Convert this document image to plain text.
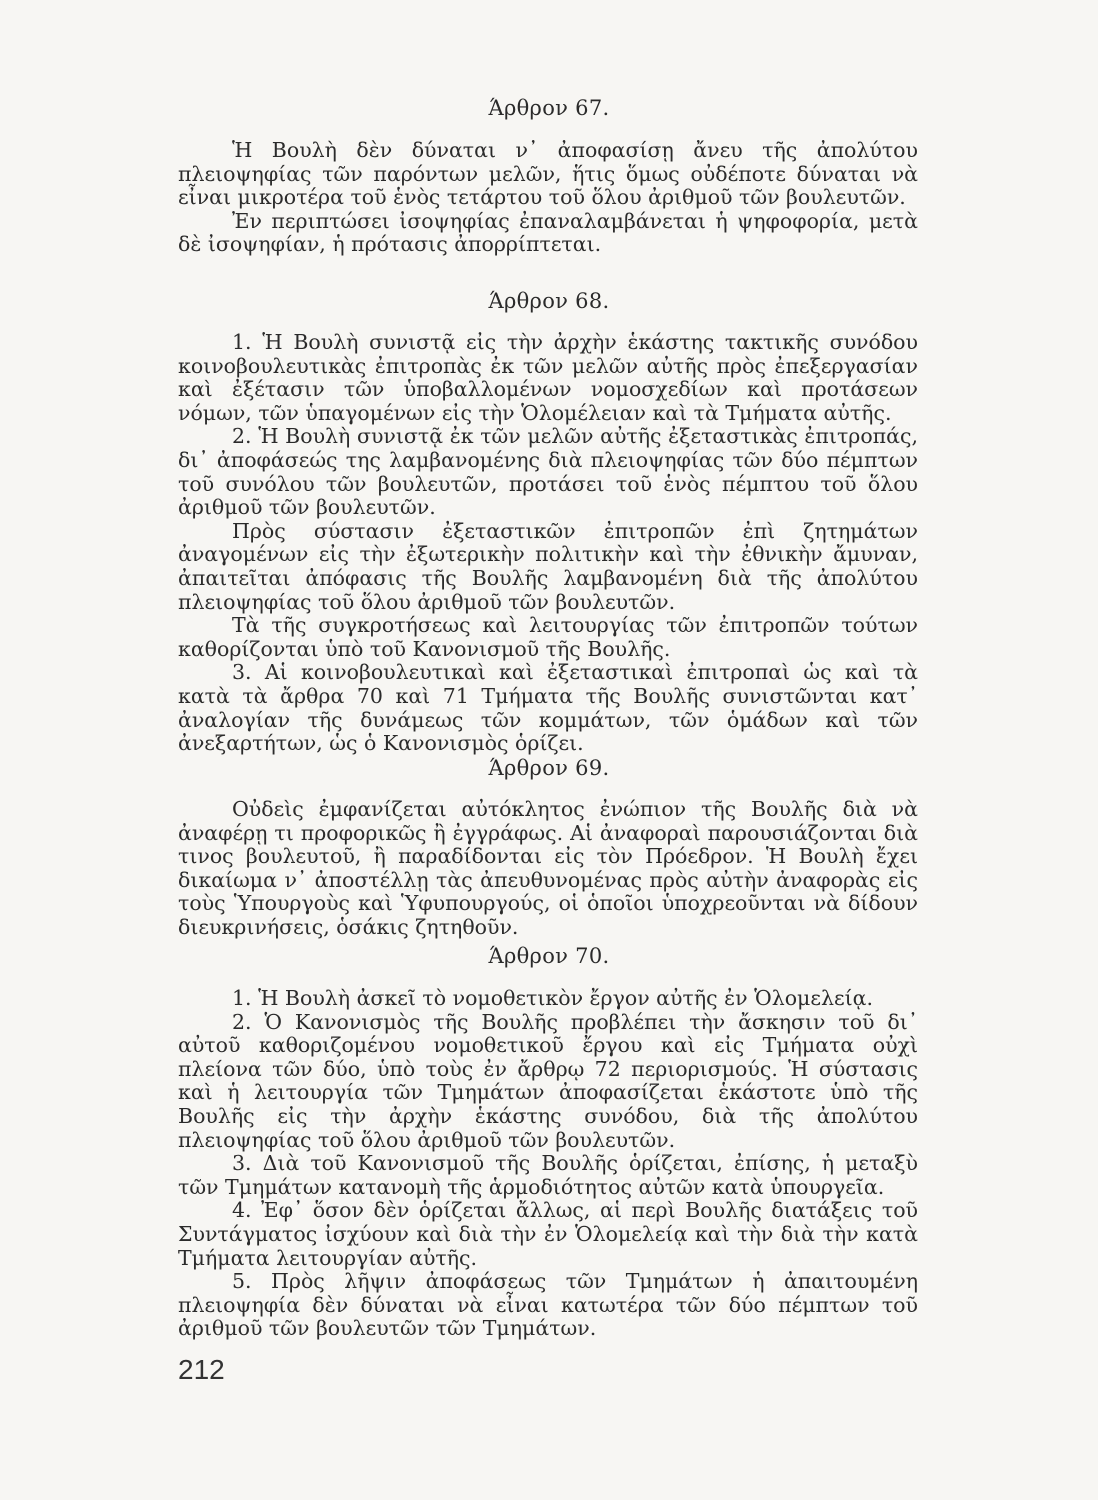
Άρθρον 67.

Ἡ Βουλὴ δὲν δύναται ν᾽ ἀποφασίσῃ ἄνευ τῆς ἀπολύτου πλειοψηφίας τῶν παρόντων μελῶν, ἥτις ὅμως οὐδέποτε δύναται νὰ εἶναι μικροτέρα τοῦ ἑνὸς τετάρτου τοῦ ὅλου ἀριθμοῦ τῶν βουλευτῶν.

Ἐν περιπτώσει ἰσοψηφίας ἐπαναλαμβάνεται ἡ ψηφοφορία, μετὰ δὲ ἰσοψηφίαν, ἡ πρότασις ἀπορρίπτεται.

Άρθρον 68.

1. Ἡ Βουλὴ συνιστᾷ εἰς τὴν ἀρχὴν ἑκάστης τακτικῆς συνόδου κοινοβουλευτικὰς ἐπιτροπὰς ἐκ τῶν μελῶν αὐτῆς πρὸς ἐπεξεργασίαν καὶ ἐξέτασιν τῶν ὑποβαλλομένων νομοσχεδίων καὶ προτάσεων νόμων, τῶν ὑπαγομένων εἰς τὴν Ὁλομέλειαν καὶ τὰ Τμήματα αὐτῆς.

2. Ἡ Βουλὴ συνιστᾷ ἐκ τῶν μελῶν αὐτῆς ἐξεταστικὰς ἐπιτροπάς, δι᾽ ἀποφάσεώς της λαμβανομένης διὰ πλειοψηφίας τῶν δύο πέμπτων τοῦ συνόλου τῶν βουλευτῶν, προτάσει τοῦ ἑνὸς πέμπτου τοῦ ὅλου ἀριθμοῦ τῶν βουλευτῶν.

Πρὸς σύστασιν ἐξεταστικῶν ἐπιτροπῶν ἐπὶ ζητημάτων ἀναγομένων εἰς τὴν ἐξωτερικὴν πολιτικὴν καὶ τὴν ἐθνικὴν ἄμυναν, ἀπαιτεῖται ἀπόφασις τῆς Βουλῆς λαμβανομένη διὰ τῆς ἀπολύτου πλειοψηφίας τοῦ ὅλου ἀριθμοῦ τῶν βουλευτῶν.

Τὰ τῆς συγκροτήσεως καὶ λειτουργίας τῶν ἐπιτροπῶν τούτων καθορίζονται ὑπὸ τοῦ Κανονισμοῦ τῆς Βουλῆς.

3. Αἱ κοινοβουλευτικαὶ καὶ ἐξεταστικαὶ ἐπιτροπαὶ ὡς καὶ τὰ κατὰ τὰ ἄρθρα 70 καὶ 71 Τμήματα τῆς Βουλῆς συνιστῶνται κατ᾽ ἀναλογίαν τῆς δυνάμεως τῶν κομμάτων, τῶν ὁμάδων καὶ τῶν ἀνεξαρτήτων, ὡς ὁ Κανονισμὸς ὁρίζει.

Άρθρον 69.

Οὐδεὶς ἐμφανίζεται αὐτόκλητος ἐνώπιον τῆς Βουλῆς διὰ νὰ ἀναφέρῃ τι προφορικῶς ἢ ἐγγράφως. Αἱ ἀναφοραὶ παρουσιάζονται διὰ τινος βουλευτοῦ, ἢ παραδίδονται εἰς τὸν Πρόεδρον. Ἡ Βουλὴ ἔχει δικαίωμα ν᾽ ἀποστέλλῃ τὰς ἀπευθυνομένας πρὸς αὐτὴν ἀναφορὰς εἰς τοὺς Ὑπουργοὺς καὶ Ὑφυπουργούς, οἱ ὁποῖοι ὑποχρεοῦνται νὰ δίδουν διευκρινήσεις, ὁσάκις ζητηθοῦν.

Άρθρον 70.

1. Ἡ Βουλὴ ἀσκεῖ τὸ νομοθετικὸν ἔργον αὐτῆς ἐν Ὁλομελείᾳ.

2. Ὁ Κανονισμὸς τῆς Βουλῆς προβλέπει τὴν ἄσκησιν τοῦ δι᾽ αὐτοῦ καθοριζομένου νομοθετικοῦ ἔργου καὶ εἰς Τμήματα οὐχὶ πλείονα τῶν δύο, ὑπὸ τοὺς ἐν ἄρθρῳ 72 περιορισμούς. Ἡ σύστασις καὶ ἡ λειτουργία τῶν Τμημάτων ἀποφασίζεται ἑκάστοτε ὑπὸ τῆς Βουλῆς εἰς τὴν ἀρχὴν ἑκάστης συνόδου, διὰ τῆς ἀπολύτου πλειοψηφίας τοῦ ὅλου ἀριθμοῦ τῶν βουλευτῶν.

3. Διὰ τοῦ Κανονισμοῦ τῆς Βουλῆς ὁρίζεται, ἐπίσης, ἡ μεταξὺ τῶν Τμημάτων κατανομὴ τῆς ἁρμοδιότητος αὐτῶν κατὰ ὑπουργεῖα.

4. Ἐφ᾽ ὅσον δὲν ὁρίζεται ἄλλως, αἱ περὶ Βουλῆς διατάξεις τοῦ Συντάγματος ἰσχύουν καὶ διὰ τὴν ἐν Ὁλομελείᾳ καὶ τὴν διὰ τὴν κατὰ Τμήματα λειτουργίαν αὐτῆς.

5. Πρὸς λῆψιν ἀποφάσεως τῶν Τμημάτων ἡ ἀπαιτουμένη πλειοψηφία δὲν δύναται νὰ εἶναι κατωτέρα τῶν δύο πέμπτων τοῦ ἀριθμοῦ τῶν βουλευτῶν τῶν Τμημάτων.

212
